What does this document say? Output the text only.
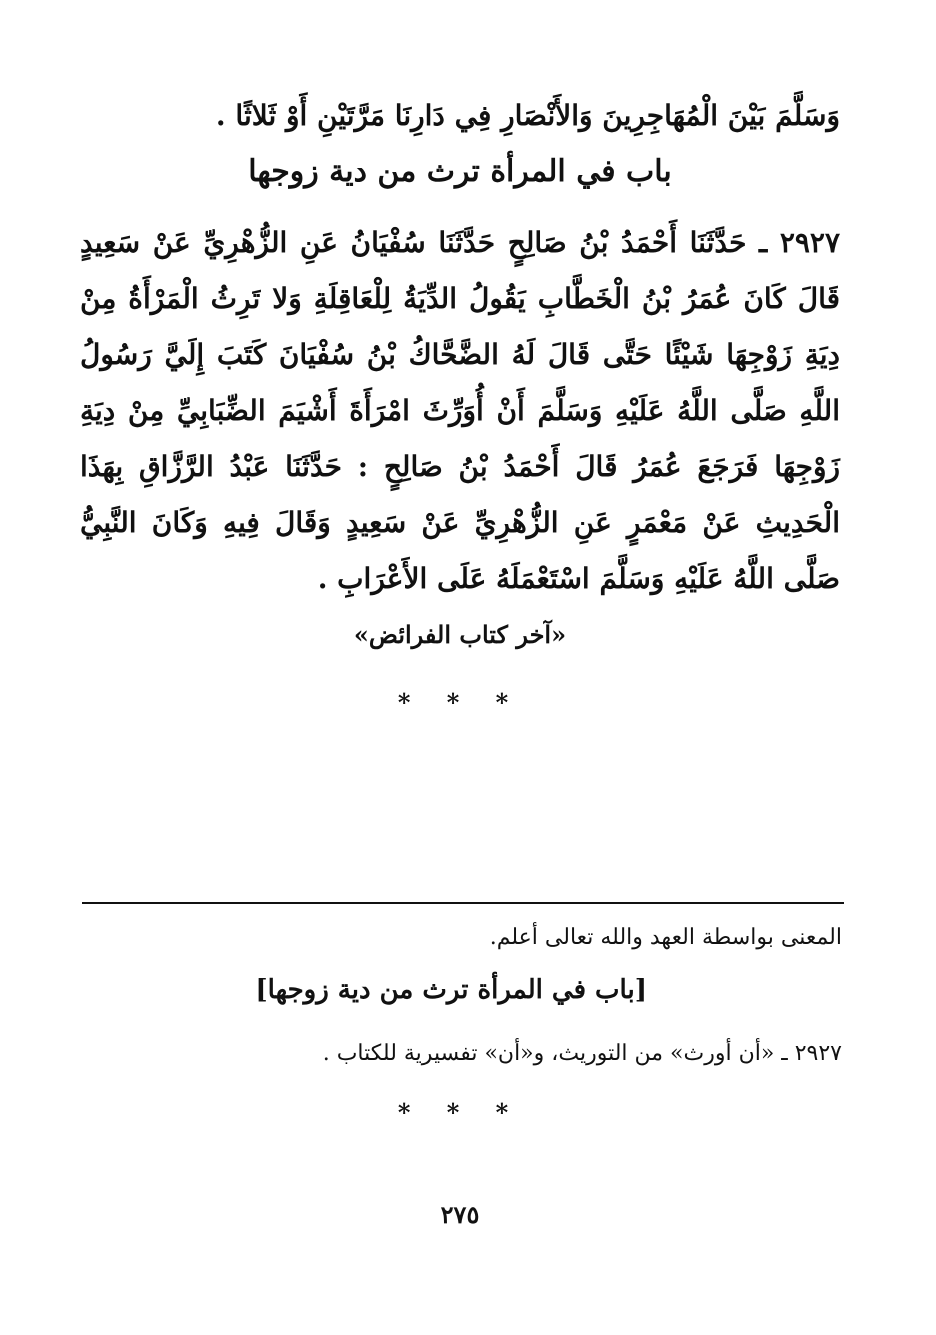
وَسَلَّمَ بَيْنَ الْمُهَاجِرِينَ وَالأَنْصَارِ فِي دَارِنَا مَرَّتَيْنِ أَوْ ثَلاثًا .
باب في المرأة ترث من دية زوجها
٢٩٢٧ ـ حَدَّثَنَا أَحْمَدُ بْنُ صَالِحٍ حَدَّثَنَا سُفْيَانُ عَنِ الزُّهْرِيِّ عَنْ سَعِيدٍ قَالَ كَانَ عُمَرُ بْنُ الْخَطَّابِ يَقُولُ الدِّيَةُ لِلْعَاقِلَةِ وَلا تَرِثُ الْمَرْأَةُ مِنْ دِيَةِ زَوْجِهَا شَيْئًا حَتَّى قَالَ لَهُ الضَّحَّاكُ بْنُ سُفْيَانَ كَتَبَ إِلَيَّ رَسُولُ اللَّهِ صَلَّى اللَّهُ عَلَيْهِ وَسَلَّمَ أَنْ أُوَرِّثَ امْرَأَةَ أَشْيَمَ الضِّبَابِيِّ مِنْ دِيَةِ زَوْجِهَا فَرَجَعَ عُمَرُ قَالَ أَحْمَدُ بْنُ صَالِحٍ : حَدَّثَنَا عَبْدُ الرَّزَّاقِ بِهَذَا الْحَدِيثِ عَنْ مَعْمَرٍ عَنِ الزُّهْرِيِّ عَنْ سَعِيدٍ وَقَالَ فِيهِ وَكَانَ النَّبِيُّ صَلَّى اللَّهُ عَلَيْهِ وَسَلَّمَ اسْتَعْمَلَهُ عَلَى الأَعْرَابِ .
«آخر كتاب الفرائض»
* * *
المعنى بواسطة العهد والله تعالى أعلم.
[باب في المرأة ترث من دية زوجها]
٢٩٢٧ ـ «أن أورث» من التوريث، و«أن» تفسيرية للكتاب .
* * *
٢٧٥
